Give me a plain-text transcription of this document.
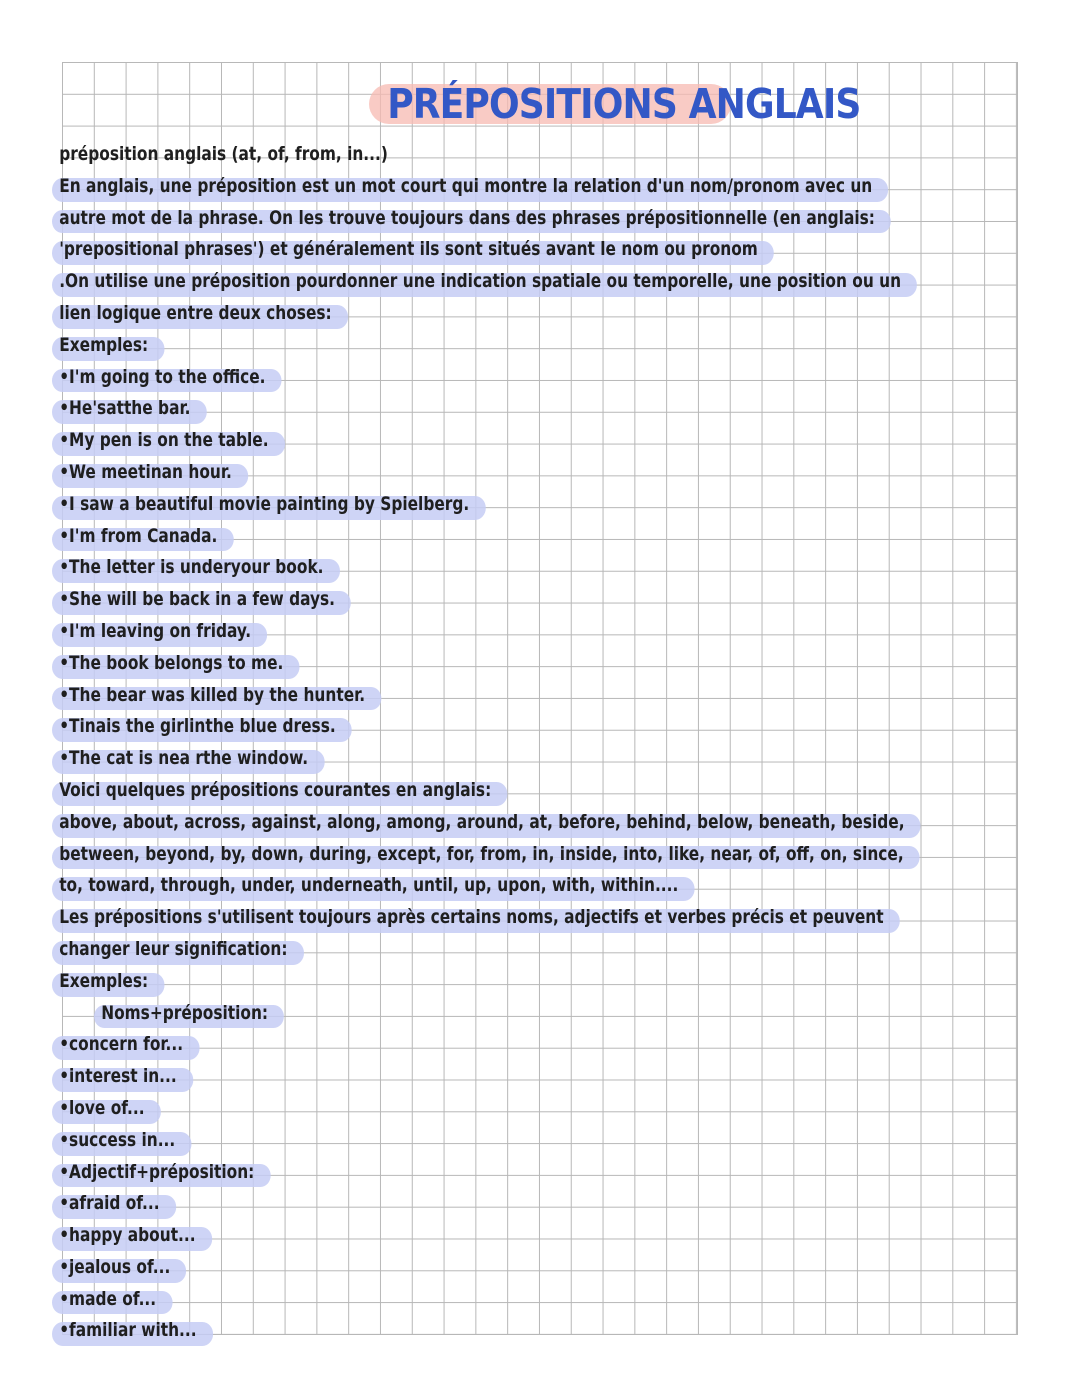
PRÉPOSITIONS ANGLAIS
préposition anglais (at, of, from, in...)
En anglais, une préposition est un mot court qui montre la relation d'un nom/pronom avec un
autre mot de la phrase. On les trouve toujours dans des phrases prépositionnelle (en anglais:
'prepositional phrases') et généralement ils sont situés avant le nom ou pronom
.On utilise une préposition pourdonner une indication spatiale ou temporelle, une position ou un
lien logique entre deux choses:
Exemples:
•I'm going to the office.
•He'satthe bar.
•My pen is on the table.
•We meetinan hour.
•I saw a beautiful movie painting by Spielberg.
•I'm from Canada.
•The letter is underyour book.
•She will be back in a few days.
•I'm leaving on friday.
•The book belongs to me.
•The bear was killed by the hunter.
•Tinais the girlinthe blue dress.
•The cat is nea rthe window.
Voici quelques prépositions courantes en anglais:
above, about, across, against, along, among, around, at, before, behind, below, beneath, beside,
between, beyond, by, down, during, except, for, from, in, inside, into, like, near, of, off, on, since,
to, toward, through, under, underneath, until, up, upon, with, within....
Les prépositions s'utilisent toujours après certains noms, adjectifs et verbes précis et peuvent
changer leur signification:
Exemples:
Noms+préposition:
•concern for...
•interest in...
•love of...
•success in...
•Adjectif+préposition:
•afraid of...
•happy about...
•jealous of...
•made of...
•familiar with...
